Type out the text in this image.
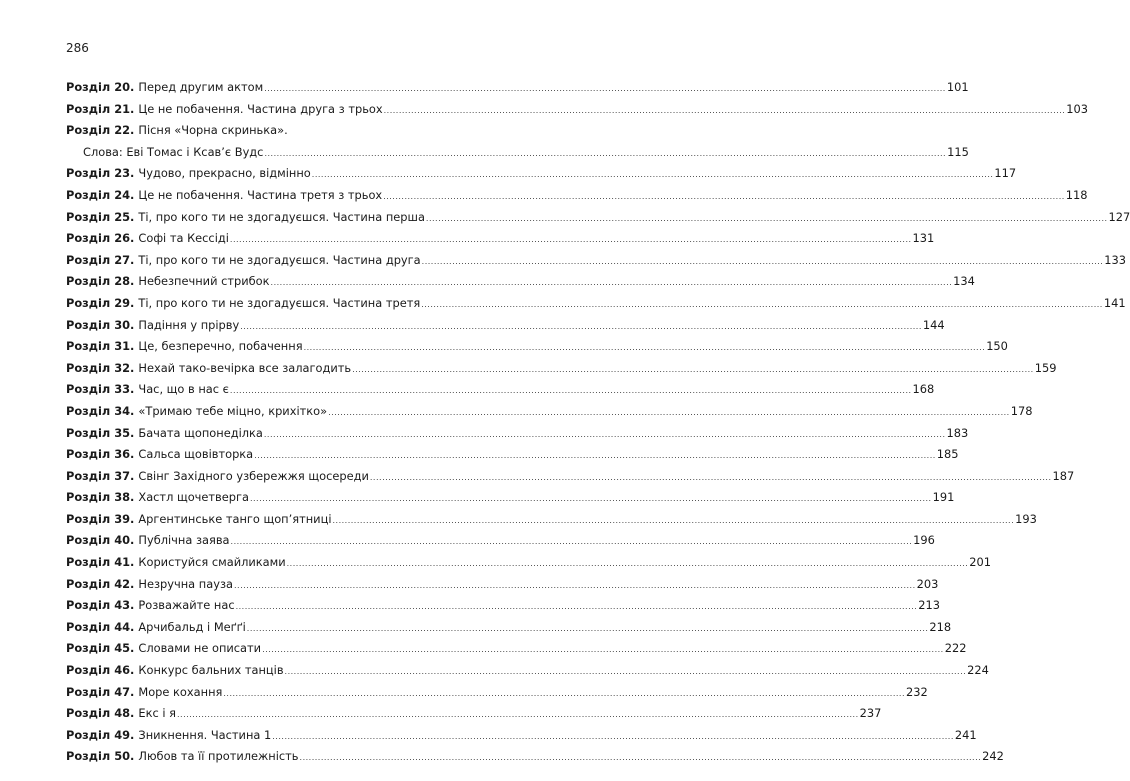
286
Розділ 20. Перед другим актом .....	101
Розділ 21. Це не побачення. Частина друга з трьох .....	103
Розділ 22. Пісня «Чорна скринька».
Слова: Еві Томас і Ксав’є Вудс .....	115
Розділ 23. Чудово, прекрасно, відмінно .....	117
Розділ 24. Це не побачення. Частина третя з трьох .....	118
Розділ 25. Ті, про кого ти не здогадуєшся. Частина перша .....	127
Розділ 26. Софі та Кессіді .....	131
Розділ 27. Ті, про кого ти не здогадуєшся. Частина друга .....	133
Розділ 28. Небезпечний стрибок .....	134
Розділ 29. Ті, про кого ти не здогадуєшся. Частина третя .....	141
Розділ 30. Падіння у прірву .....	144
Розділ 31. Це, безперечно, побачення .....	150
Розділ 32. Нехай тако-вечірка все залагодить .....	159
Розділ 33. Час, що в нас є .....	168
Розділ 34. «Тримаю тебе міцно, крихітко» .....	178
Розділ 35. Бачата щопонеділка .....	183
Розділ 36. Сальса щовівторка .....	185
Розділ 37. Свінг Західного узбережжя щосереди .....	187
Розділ 38. Хастл щочетверга .....	191
Розділ 39. Аргентинське танго щоп’ятниці .....	193
Розділ 40. Публічна заява .....	196
Розділ 41. Користуйся смайликами .....	201
Розділ 42. Незручна пауза .....	203
Розділ 43. Розважайте нас .....	213
Розділ 44. Арчибальд і Меґґі .....	218
Розділ 45. Словами не описати .....	222
Розділ 46. Конкурс бальних танців .....	224
Розділ 47. Море кохання .....	232
Розділ 48. Екс і я .....	237
Розділ 49. Зникнення. Частина 1 .....	241
Розділ 50. Любов та її протилежність .....	242
